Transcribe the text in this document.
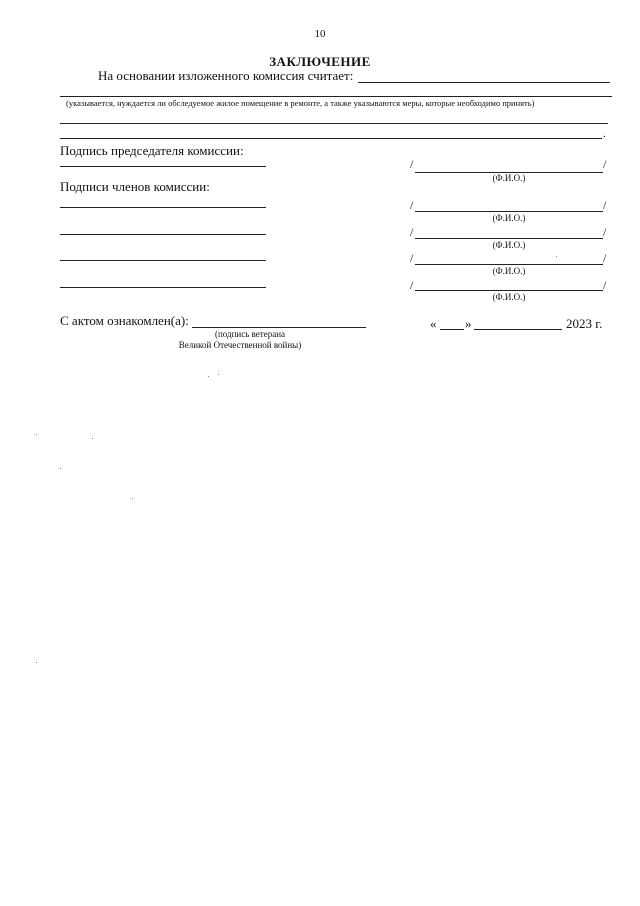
10
ЗАКЛЮЧЕНИЕ
На основании изложенного комиссия считает:
(указывается, нуждается ли обследуемое жилое помещение в ремонте, а также указываются меры, которые необходимо принять)
.
Подпись председателя комиссии:
/	/
(Ф.И.О.)
Подписи членов комиссии:
/	/
(Ф.И.О.)
/	/
(Ф.И.О.)
/	/
(Ф.И.О.)
/	/
(Ф.И.О.)
С актом ознакомлен(а):
(подпись ветерана
Великой Отечественной войны)
« »	2023 г.
